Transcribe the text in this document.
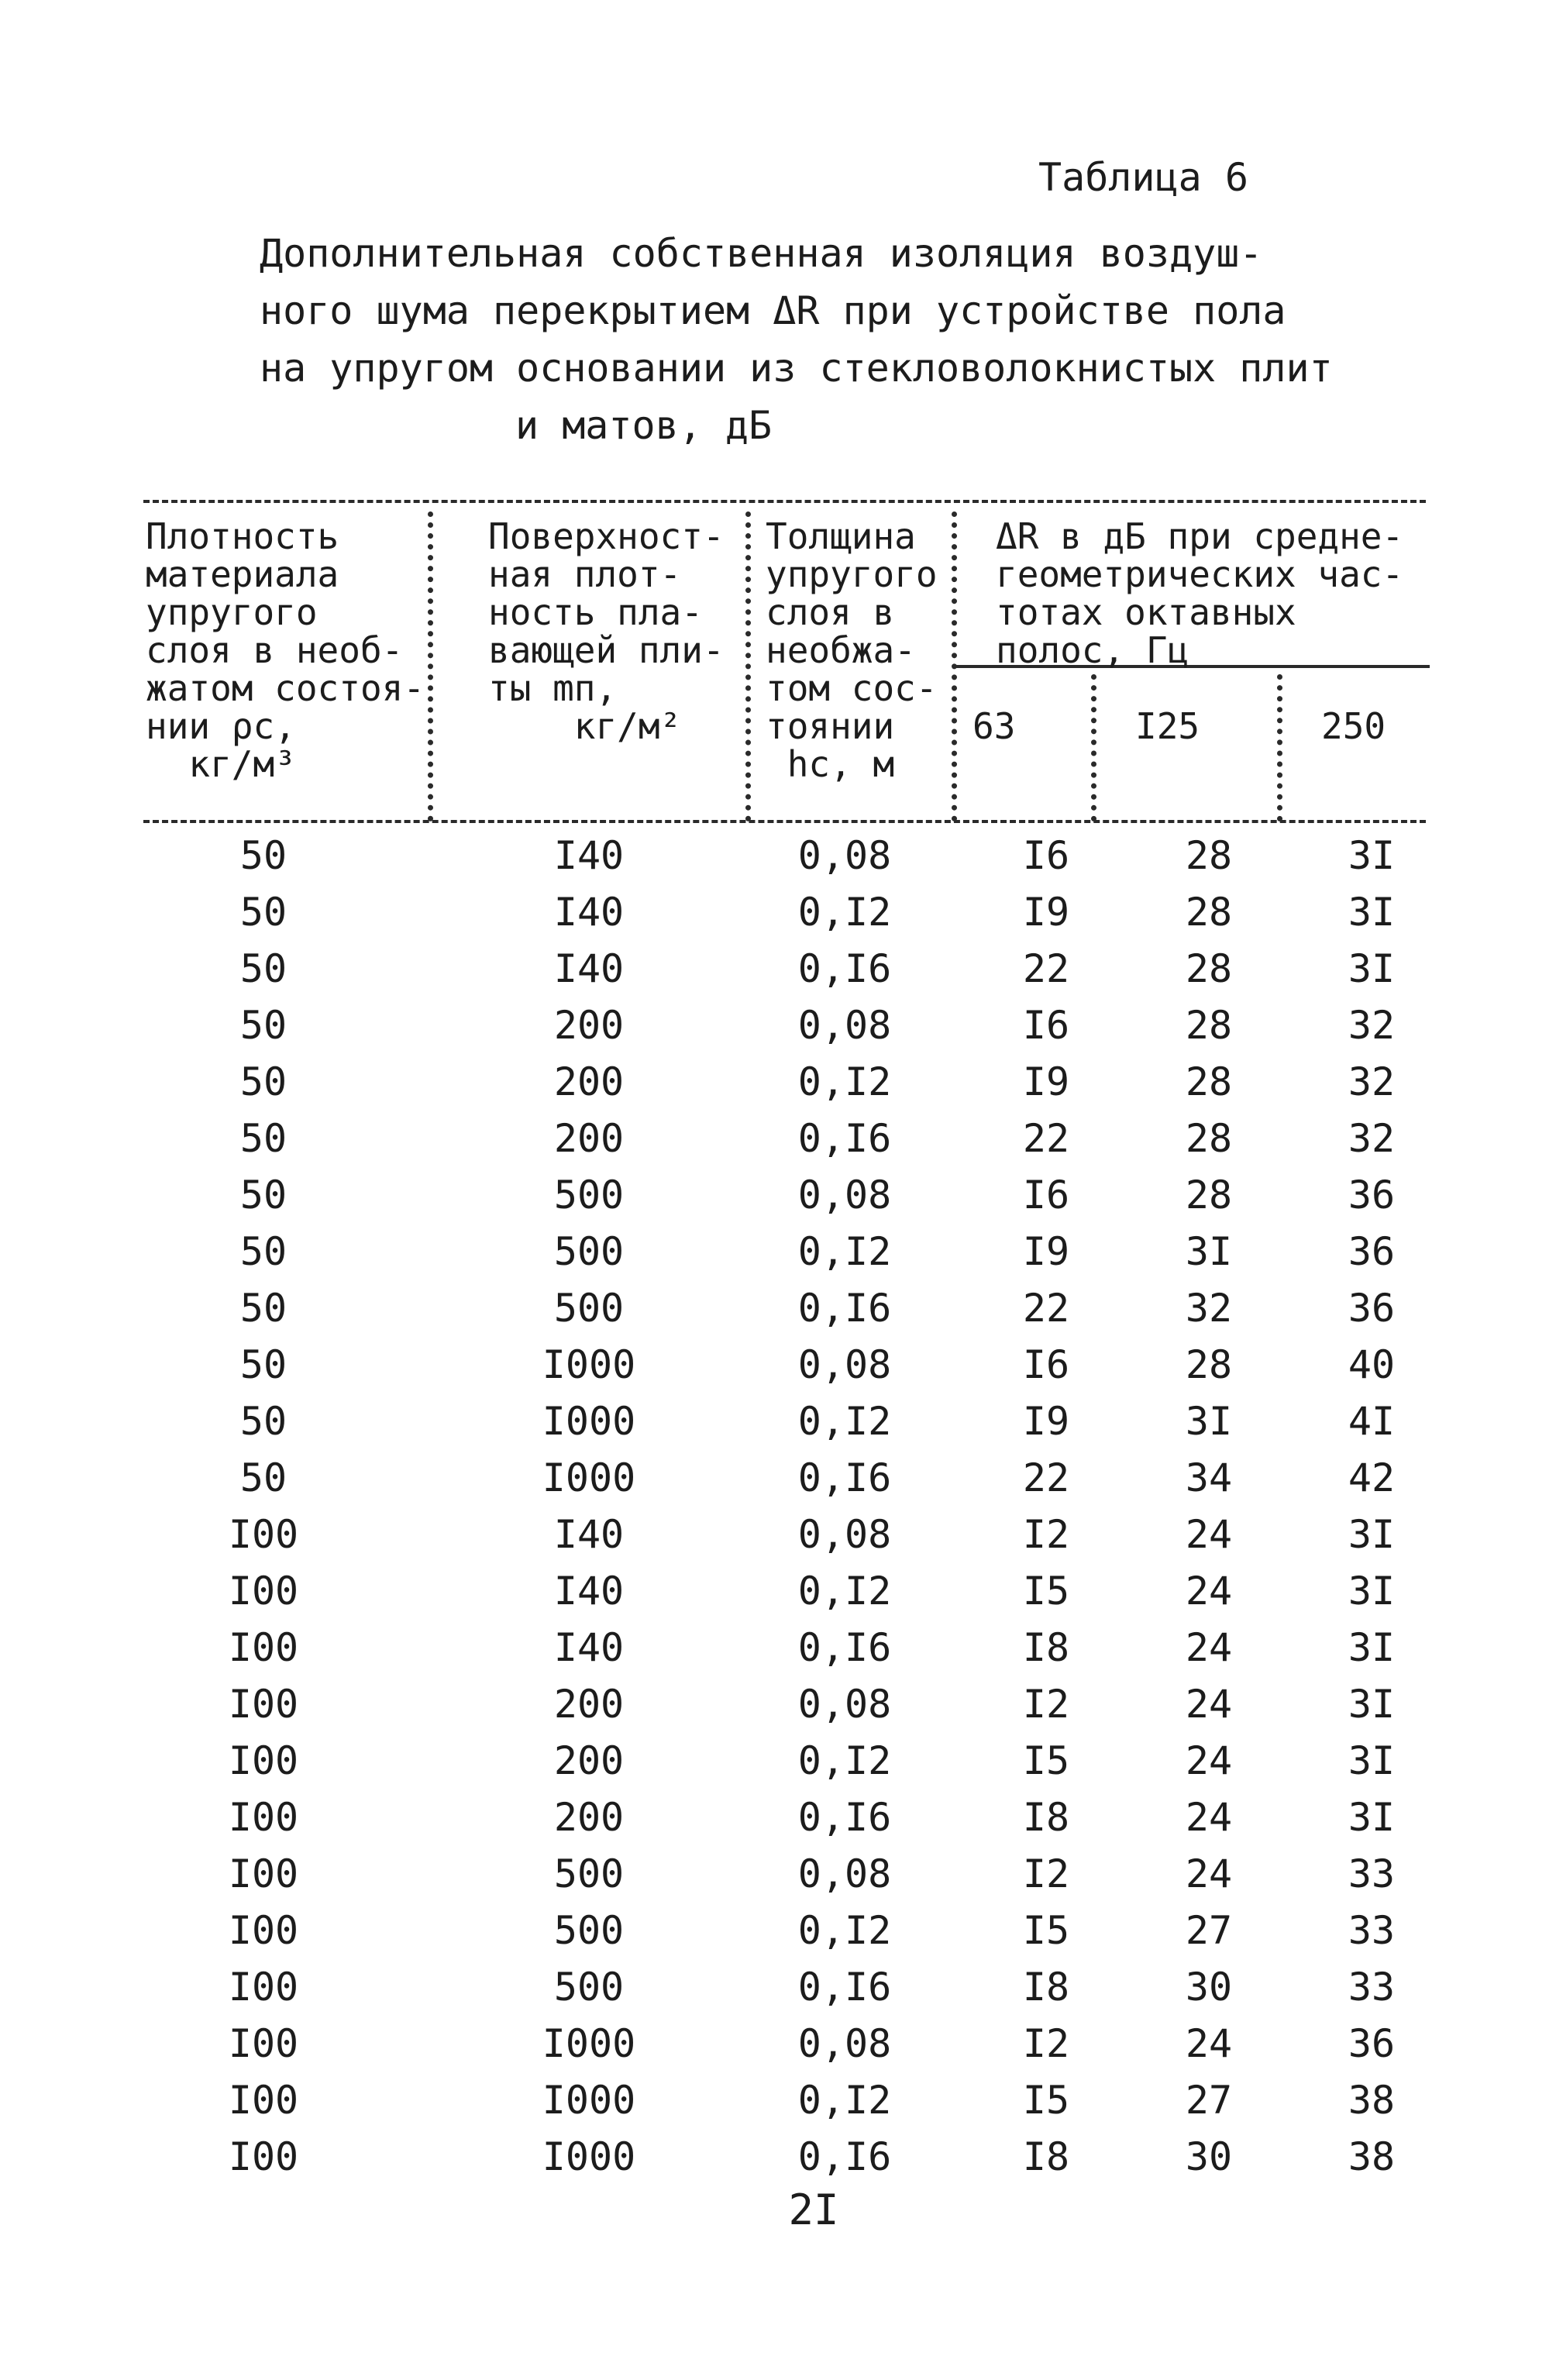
Таблица 6
Дополнительная собственная изоляция воздуш-
ного шума перекрытием ΔR при устройстве пола
на упругом основании из стекловолокнистых плит
и матов, дБ
Плотность
материала
упругого
слоя в необ-
жатом состоя-
нии ρс,
кг/м³
Поверхност-
ная плот-
ность пла-
вающей пли-
ты mп,
кг/м²
Толщина
упругого
слоя в
необжа-
том сос-
тоянии
hс, м
ΔR в дБ при средне-
геометрических час-
тотах октавных
полос, Гц
63	I25	250
50	I40	0,08	I6	28	3I
50	I40	0,I2	I9	28	3I
50	I40	0,I6	22	28	3I
50	200	0,08	I6	28	32
50	200	0,I2	I9	28	32
50	200	0,I6	22	28	32
50	500	0,08	I6	28	36
50	500	0,I2	I9	3I	36
50	500	0,I6	22	32	36
50	I000	0,08	I6	28	40
50	I000	0,I2	I9	3I	4I
50	I000	0,I6	22	34	42
I00	I40	0,08	I2	24	3I
I00	I40	0,I2	I5	24	3I
I00	I40	0,I6	I8	24	3I
I00	200	0,08	I2	24	3I
I00	200	0,I2	I5	24	3I
I00	200	0,I6	I8	24	3I
I00	500	0,08	I2	24	33
I00	500	0,I2	I5	27	33
I00	500	0,I6	I8	30	33
I00	I000	0,08	I2	24	36
I00	I000	0,I2	I5	27	38
I00	I000	0,I6	I8	30	38
2I
